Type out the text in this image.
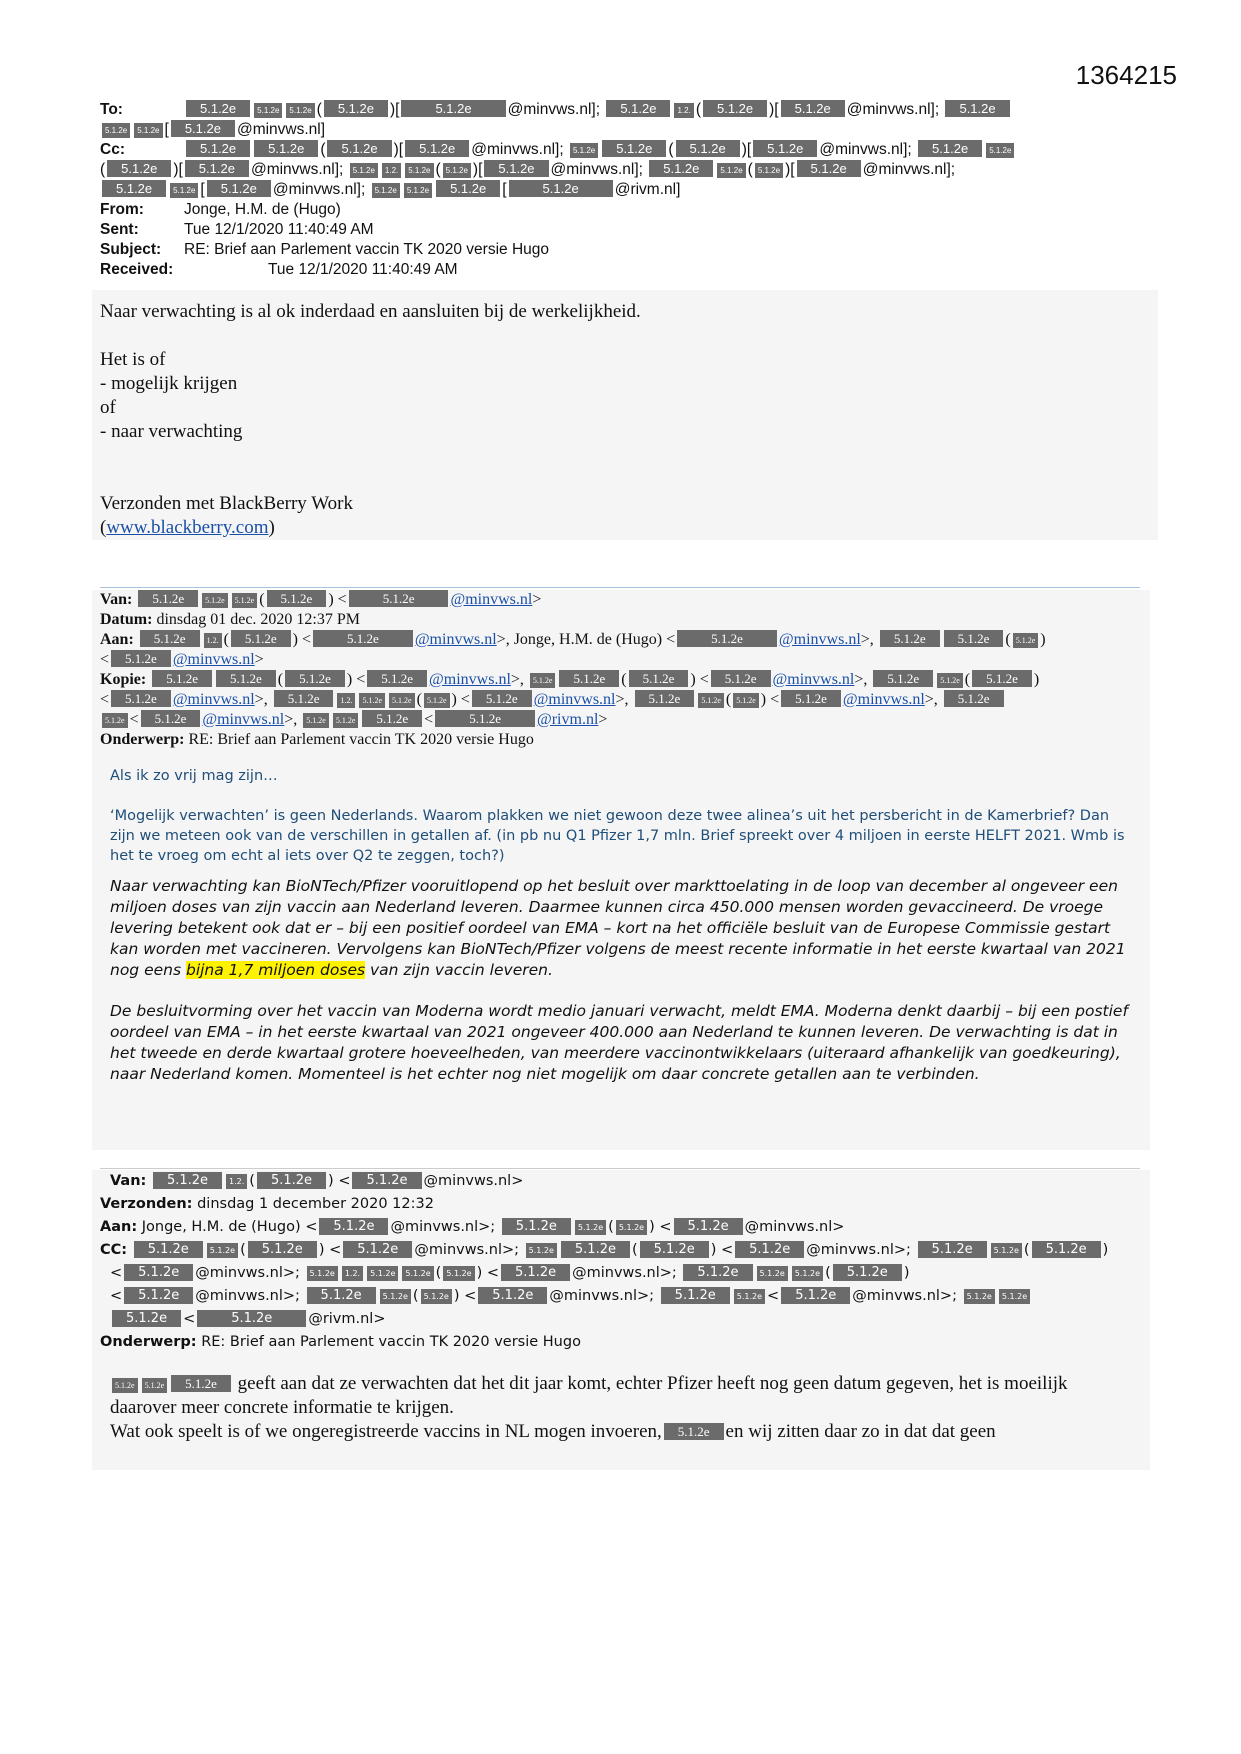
1364215
To:	5.1.2e	5.1.2e 5.1.2e ( 5.1.2e )[	5.1.2e @minvws.nl]; 5.1.2e	1.2. ( 5.1.2e )[ 5.1.2e @minvws.nl]; 5.1.2e
5.1.2e 5.1.2e [ 5.1.2e @minvws.nl]
Cc:	5.1.2e 5.1.2e ( 5.1.2e )[ 5.1.2e @minvws.nl]; 5.1.2e 5.1.2e ( 5.1.2e )[ 5.1.2e @minvws.nl]; 5.1.2e	5.1.2e
( 5.1.2e )[ 5.1.2e @minvws.nl]; 5.1.2e 1.2. 5.1.2e ( 5.1.2e )[ 5.1.2e @minvws.nl]; 5.1.2e	5.1.2e ( 5.1.2e )[ 5.1.2e @minvws.nl];
5.1.2e	5.1.2e [ 5.1.2e @minvws.nl]; 5.1.2e 5.1.2e 5.1.2e [	5.1.2e @rivm.nl]
From:	Jonge, H.M. de (Hugo)
Sent:	Tue 12/1/2020 11:40:49 AM
Subject: RE: Brief aan Parlement vaccin TK 2020 versie Hugo
Received:	Tue 12/1/2020 11:40:49 AM
Naar verwachting is al ok inderdaad en aansluiten bij de werkelijkheid.
Het is of
- mogelijk krijgen
of
- naar verwachting
Verzonden met BlackBerry Work
(www.blackberry.com)
Van: 5.1.2e	5.1.2e 5.1.2e ( 5.1.2e ) <	5.1.2e @minvws.nl>
Datum: dinsdag 01 dec. 2020 12:37 PM
Aan: 5.1.2e	1.2. ( 5.1.2e ) <	5.1.2e @minvws.nl>, Jonge, H.M. de (Hugo) <	5.1.2e @minvws.nl>, 5.1.2e 5.1.2e ( 5.1.2e )
< 5.1.2e @minvws.nl>
Kopie: 5.1.2e 5.1.2e ( 5.1.2e ) < 5.1.2e @minvws.nl>, 5.1.2e 5.1.2e ( 5.1.2e ) < 5.1.2e @minvws.nl>, 5.1.2e	5.1.2e ( 5.1.2e )
< 5.1.2e @minvws.nl>, 5.1.2e	1.2. 5.1.2e 5.1.2e ( 5.1.2e ) < 5.1.2e @minvws.nl>, 5.1.2e	5.1.2e ( 5.1.2e ) < 5.1.2e @minvws.nl>, 5.1.2e
5.1.2e < 5.1.2e @minvws.nl>, 5.1.2e 5.1.2e 5.1.2e <	5.1.2e @rivm.nl>
Onderwerp: RE: Brief aan Parlement vaccin TK 2020 versie Hugo
Als ik zo vrij mag zijn…
‘Mogelijk verwachten’ is geen Nederlands. Waarom plakken we niet gewoon deze twee alinea’s uit het persbericht in de Kamerbrief? Dan zijn we meteen ook van de verschillen in getallen af. (in pb nu Q1 Pfizer 1,7 mln. Brief spreekt over 4 miljoen in eerste HELFT 2021. Wmb is het te vroeg om echt al iets over Q2 te zeggen, toch?)
Naar verwachting kan BioNTech/Pfizer vooruitlopend op het besluit over markttoelating in de loop van december al ongeveer een miljoen doses van zijn vaccin aan Nederland leveren. Daarmee kunnen circa 450.000 mensen worden gevaccineerd. De vroege levering betekent ook dat er – bij een positief oordeel van EMA – kort na het officiële besluit van de Europese Commissie gestart kan worden met vaccineren. Vervolgens kan BioNTech/Pfizer volgens de meest recente informatie in het eerste kwartaal van 2021 nog eens bijna 1,7 miljoen doses van zijn vaccin leveren.
De besluitvorming over het vaccin van Moderna wordt medio januari verwacht, meldt EMA. Moderna denkt daarbij – bij een postief oordeel van EMA – in het eerste kwartaal van 2021 ongeveer 400.000 aan Nederland te kunnen leveren. De verwachting is dat in het tweede en derde kwartaal grotere hoeveelheden, van meerdere vaccinontwikkelaars (uiteraard afhankelijk van goedkeuring), naar Nederland komen. Momenteel is het echter nog niet mogelijk om daar concrete getallen aan te verbinden.
Van: 5.1.2e	1.2. ( 5.1.2e ) < 5.1.2e @minvws.nl>
Verzonden: dinsdag 1 december 2020 12:32
Aan: Jonge, H.M. de (Hugo) < 5.1.2e @minvws.nl>; 5.1.2e	5.1.2e ( 5.1.2e ) < 5.1.2e @minvws.nl>
CC: 5.1.2e	5.1.2e ( 5.1.2e ) < 5.1.2e @minvws.nl>; 5.1.2e 5.1.2e ( 5.1.2e ) < 5.1.2e @minvws.nl>; 5.1.2e	5.1.2e ( 5.1.2e )
< 5.1.2e @minvws.nl>; 5.1.2e 1.2. 5.1.2e 5.1.2e ( 5.1.2e ) < 5.1.2e @minvws.nl>; 5.1.2e	5.1.2e 5.1.2e ( 5.1.2e )
< 5.1.2e @minvws.nl>; 5.1.2e	5.1.2e ( 5.1.2e ) < 5.1.2e @minvws.nl>; 5.1.2e	5.1.2e < 5.1.2e @minvws.nl>; 5.1.2e 5.1.2e
5.1.2e <	5.1.2e @rivm.nl>
Onderwerp: RE: Brief aan Parlement vaccin TK 2020 versie Hugo
5.1.2e 5.1.2e 5.1.2e geeft aan dat ze verwachten dat het dit jaar komt, echter Pfizer heeft nog geen datum gegeven, het is moeilijk daarover meer concrete informatie te krijgen.
Wat ook speelt is of we ongeregistreerde vaccins in NL mogen invoeren, 5.1.2e en wij zitten daar zo in dat dat geen
